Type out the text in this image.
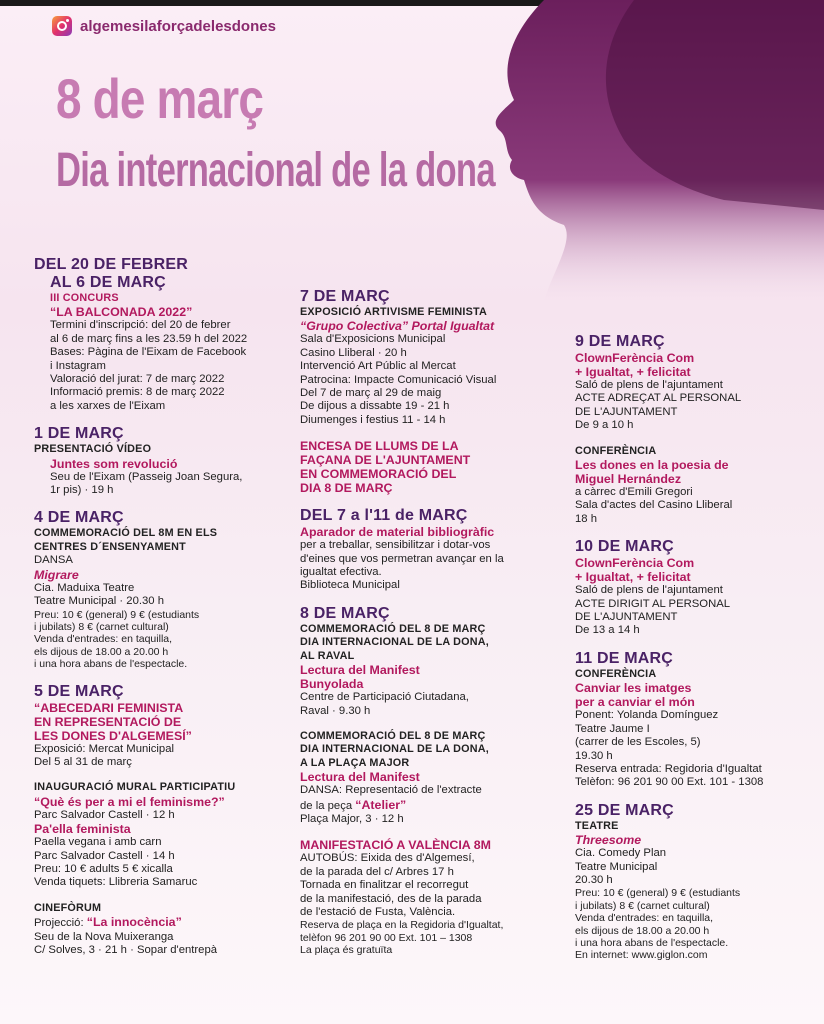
algemesilaforçadelesdones
8 de març
Dia internacional de la dona
DEL 20 DE FEBRER
AL 6 DE MARÇ
III CONCURS
“LA BALCONADA 2022”
Termini d'inscripció: del 20 de febrer
al 6 de març fins a les 23.59 h del 2022
Bases: Pàgina de l'Eixam de Facebook
i Instagram
Valoració del jurat: 7 de març 2022
Informació premis: 8 de març 2022
a les xarxes de l'Eixam
1 DE MARÇ
PRESENTACIÓ VÍDEO
Juntes som revolució
Seu de l'Eixam (Passeig Joan Segura,
1r pis) · 19 h
4 DE MARÇ
COMMEMORACIÓ DEL 8M EN ELS
CENTRES D´ENSENYAMENT
DANSA
Migrare
Cia. Maduixa Teatre
Teatre Municipal · 20.30 h
Preu: 10 € (general) 9 € (estudiants
i jubilats) 8 € (carnet cultural)
Venda d'entrades: en taquilla,
els dijous de 18.00 a 20.00 h
i una hora abans de l'espectacle.
5 DE MARÇ
“ABECEDARI FEMINISTA
EN REPRESENTACIÓ DE
LES DONES D'ALGEMESÍ”
Exposició: Mercat Municipal
Del 5 al 31 de març
INAUGURACIÓ MURAL PARTICIPATIU
“Què és per a mi el feminisme?”
Parc Salvador Castell · 12 h
Pa'ella feminista
Paella vegana i amb carn
Parc Salvador Castell · 14 h
Preu: 10 € adults 5 € xicalla
Venda tiquets: Llibreria Samaruc
CINEFÒRUM
Projecció: “La innocència”
Seu de la Nova Muixeranga
C/ Solves, 3 · 21 h · Sopar d'entrepà
7 DE MARÇ
EXPOSICIÓ ARTIVISME FEMINISTA
“Grupo Colectiva” Portal Igualtat
Sala d'Exposicions Municipal
Casino Lliberal · 20 h
Intervenció Art Públic al Mercat
Patrocina: Impacte Comunicació Visual
Del 7 de març al 29 de maig
De dijous a dissabte 19 - 21 h
Diumenges i festius 11 - 14 h
ENCESA DE LLUMS DE LA
FAÇANA DE L'AJUNTAMENT
EN COMMEMORACIÓ DEL
DIA 8 DE MARÇ
DEL 7 a l'11 de MARÇ
Aparador de material bibliogràfic
per a treballar, sensibilitzar i dotar-vos
d'eines que vos permetran avançar en la
igualtat efectiva.
Biblioteca Municipal
8 DE MARÇ
COMMEMORACIÓ DEL 8 DE MARÇ
DIA INTERNACIONAL DE LA DONA,
AL RAVAL
Lectura del Manifest
Bunyolada
Centre de Participació Ciutadana,
Raval · 9.30 h
COMMEMORACIÓ DEL 8 DE MARÇ
DIA INTERNACIONAL DE LA DONA,
A LA PLAÇA MAJOR
Lectura del Manifest
DANSA: Representació de l'extracte
de la peça “Atelier”
Plaça Major, 3 · 12 h
MANIFESTACIÓ A VALÈNCIA 8M
AUTOBÚS: Eixida des d'Algemesí,
de la parada del c/ Arbres 17 h
Tornada en finalitzar el recorregut
de la manifestació, des de la parada
de l'estació de Fusta, València.
Reserva de plaça en la Regidoria d'Igualtat,
telèfon 96 201 90 00 Ext. 101 – 1308
La plaça és gratuïta
9 DE MARÇ
ClownFerència Com
+ Igualtat, + felicitat
Saló de plens de l'ajuntament
ACTE ADREÇAT AL PERSONAL
DE L'AJUNTAMENT
De 9 a 10 h
CONFERÈNCIA
Les dones en la poesia de
Miguel Hernández
a càrrec d'Emili Gregori
Sala d'actes del Casino Lliberal
18 h
10 DE MARÇ
ClownFerència Com
+ Igualtat, + felicitat
Saló de plens de l'ajuntament
ACTE DIRIGIT AL PERSONAL
DE L'AJUNTAMENT
De 13 a 14 h
11 DE MARÇ
CONFERÈNCIA
Canviar les imatges
per a canviar el món
Ponent: Yolanda Domínguez
Teatre Jaume I
(carrer de les Escoles, 5)
19.30 h
Reserva entrada: Regidoria d'Igualtat
Telèfon: 96 201 90 00 Ext. 101 - 1308
25 DE MARÇ
TEATRE
Threesome
Cia. Comedy Plan
Teatre Municipal
20.30 h
Preu: 10 € (general) 9 € (estudiants
i jubilats) 8 € (carnet cultural)
Venda d'entrades: en taquilla,
els dijous de 18.00 a 20.00 h
i una hora abans de l'espectacle.
En internet: www.giglon.com
